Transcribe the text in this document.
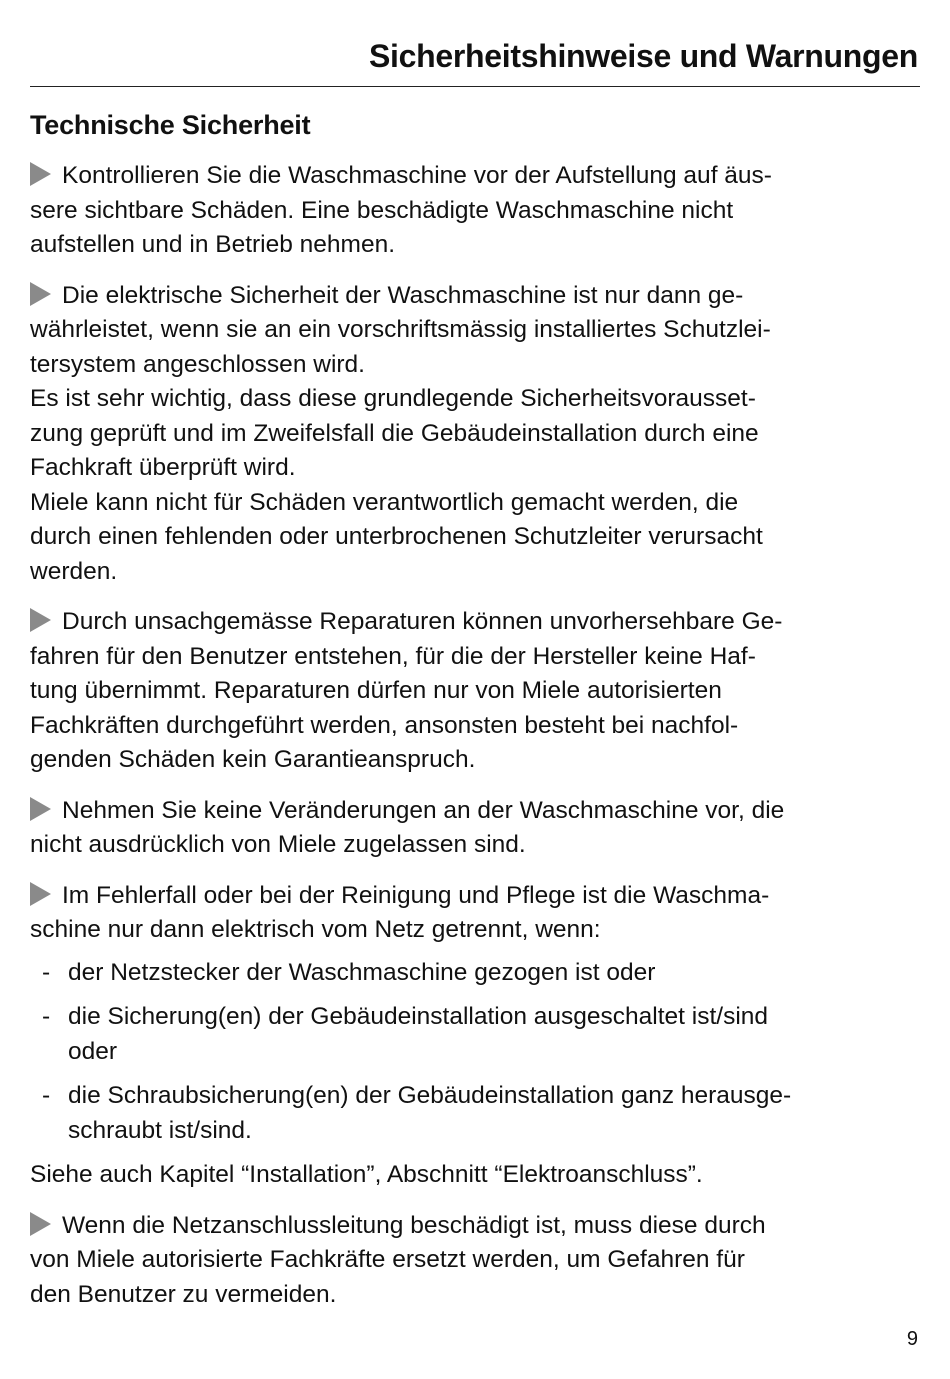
Sicherheitshinweise und Warnungen
Technische Sicherheit
Kontrollieren Sie die Waschmaschine vor der Aufstellung auf äus-
sere sichtbare Schäden. Eine beschädigte Waschmaschine nicht
aufstellen und in Betrieb nehmen.
Die elektrische Sicherheit der Waschmaschine ist nur dann ge-
währleistet, wenn sie an ein vorschriftsmässig installiertes Schutzlei-
tersystem angeschlossen wird.
Es ist sehr wichtig, dass diese grundlegende Sicherheitsvorausset-
zung geprüft und im Zweifelsfall die Gebäudeinstallation durch eine
Fachkraft überprüft wird.
Miele kann nicht für Schäden verantwortlich gemacht werden, die
durch einen fehlenden oder unterbrochenen Schutzleiter verursacht
werden.
Durch unsachgemässe Reparaturen können unvorhersehbare Ge-
fahren für den Benutzer entstehen, für die der Hersteller keine Haf-
tung übernimmt. Reparaturen dürfen nur von Miele autorisierten
Fachkräften durchgeführt werden, ansonsten besteht bei nachfol-
genden Schäden kein Garantieanspruch.
Nehmen Sie keine Veränderungen an der Waschmaschine vor, die
nicht ausdrücklich von Miele zugelassen sind.
Im Fehlerfall oder bei der Reinigung und Pflege ist die Waschma-
schine nur dann elektrisch vom Netz getrennt, wenn:
- der Netzstecker der Waschmaschine gezogen ist oder
- die Sicherung(en) der Gebäudeinstallation ausgeschaltet ist/sind
oder
- die Schraubsicherung(en) der Gebäudeinstallation ganz herausge-
schraubt ist/sind.
Siehe auch Kapitel “Installation”, Abschnitt “Elektroanschluss”.
Wenn die Netzanschlussleitung beschädigt ist, muss diese durch
von Miele autorisierte Fachkräfte ersetzt werden, um Gefahren für
den Benutzer zu vermeiden.
9
